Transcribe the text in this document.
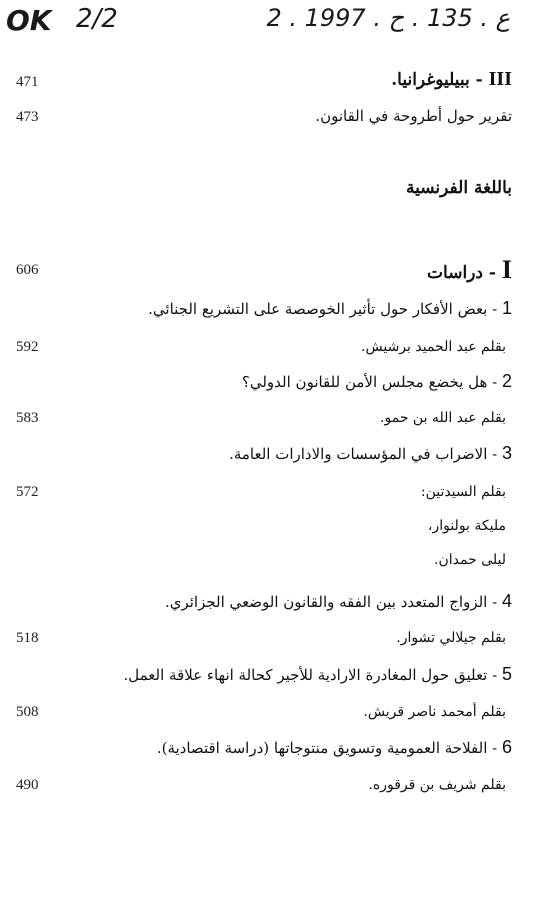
OK 2/2	2 . ع . 135 . ح . 1997
471	III - ببيليوغرانيا.
473	تقرير حول أطروحة في القانون.
باللغة الفرنسية
606	I - دراسات
1 - بعض الأفكار حول تأثير الخوصصة على التشريع الجنائي.
592	بقلم عبد الحميد برشيش.
2 - هل يخضع مجلس الأمن للقانون الدولي؟
583	بقلم عبد الله بن حمو.
3 - الاضراب في المؤسسات والادارات العامة.
572	بقلم السيدتين:
مليكة بولنوار،
ليلى حمدان.
4 - الزواج المتعدد بين الفقه والقانون الوضعي الجزائري.
518	بقلم جيلالي تشوار.
5 - تعليق حول المغادرة الارادية للأجير كحالة انهاء علاقة العمل.
508	بقلم أمحمد ناصر قريش.
6 - الفلاحة العمومية وتسويق منتوجاتها (دراسة اقتصادية).
490	بقلم شريف بن قرقوره.
